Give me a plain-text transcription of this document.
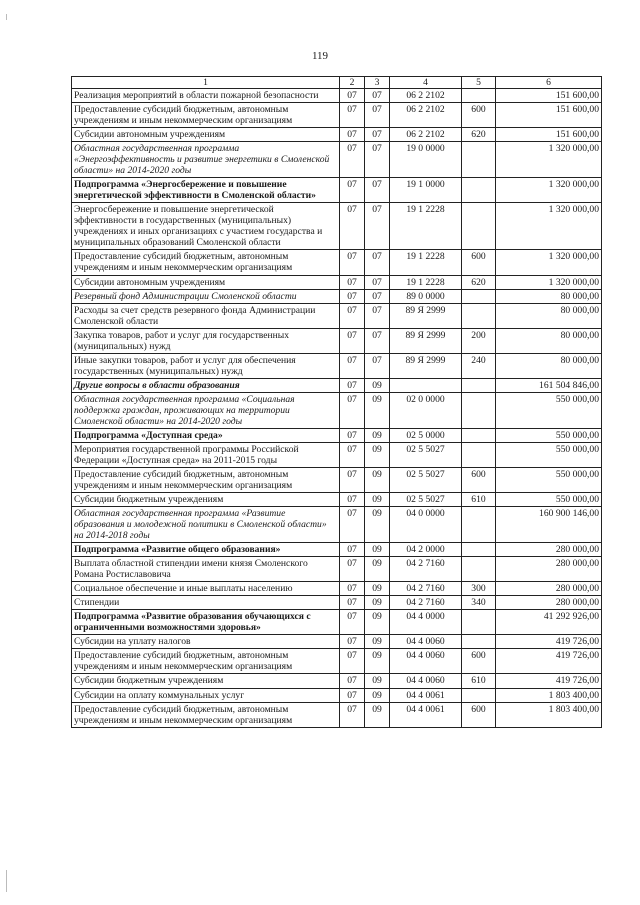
119
1	2	3	4	5	6
Реализация мероприятий в области пожарной безопасности	07	07	06 2 2102		151 600,00
Предоставление субсидий бюджетным, автономным учреждениям и иным некоммерческим организациям	07	07	06 2 2102	600	151 600,00
Субсидии автономным учреждениям	07	07	06 2 2102	620	151 600,00
Областная государственная программа «Энергоэффективность и развитие энергетики в Смоленской области» на 2014-2020 годы	07	07	19 0 0000		1 320 000,00
Подпрограмма «Энергосбережение и повышение энергетической эффективности в Смоленской области»	07	07	19 1 0000		1 320 000,00
Энергосбережение и повышение энергетической эффективности в государственных (муниципальных) учреждениях и иных организациях с участием государства и муниципальных образований Смоленской области	07	07	19 1 2228		1 320 000,00
Предоставление субсидий бюджетным, автономным учреждениям и иным некоммерческим организациям	07	07	19 1 2228	600	1 320 000,00
Субсидии автономным учреждениям	07	07	19 1 2228	620	1 320 000,00
Резервный фонд Администрации Смоленской области	07	07	89 0 0000		80 000,00
Расходы за счет средств резервного фонда Администрации Смоленской области	07	07	89 Я 2999		80 000,00
Закупка товаров, работ и услуг для государственных (муниципальных) нужд	07	07	89 Я 2999	200	80 000,00
Иные закупки товаров, работ и услуг для обеспечения государственных (муниципальных) нужд	07	07	89 Я 2999	240	80 000,00
Другие вопросы в области образования	07	09			161 504 846,00
Областная государственная программа «Социальная поддержка граждан, проживающих на территории Смоленской области» на 2014-2020 годы	07	09	02 0 0000		550 000,00
Подпрограмма «Доступная среда»	07	09	02 5 0000		550 000,00
Мероприятия государственной программы Российской Федерации «Доступная среда» на 2011-2015 годы	07	09	02 5 5027		550 000,00
Предоставление субсидий бюджетным, автономным учреждениям и иным некоммерческим организациям	07	09	02 5 5027	600	550 000,00
Субсидии бюджетным учреждениям	07	09	02 5 5027	610	550 000,00
Областная государственная программа «Развитие образования и молодежной политики в Смоленской области» на 2014-2018 годы	07	09	04 0 0000		160 900 146,00
Подпрограмма «Развитие общего образования»	07	09	04 2 0000		280 000,00
Выплата областной стипендии имени князя Смоленского Романа Ростиславовича	07	09	04 2 7160		280 000,00
Социальное обеспечение и иные выплаты населению	07	09	04 2 7160	300	280 000,00
Стипендии	07	09	04 2 7160	340	280 000,00
Подпрограмма «Развитие образования обучающихся с ограниченными возможностями здоровья»	07	09	04 4 0000		41 292 926,00
Субсидии на уплату налогов	07	09	04 4 0060		419 726,00
Предоставление субсидий бюджетным, автономным учреждениям и иным некоммерческим организациям	07	09	04 4 0060	600	419 726,00
Субсидии бюджетным учреждениям	07	09	04 4 0060	610	419 726,00
Субсидии на оплату коммунальных услуг	07	09	04 4 0061		1 803 400,00
Предоставление субсидий бюджетным, автономным учреждениям и иным некоммерческим организациям	07	09	04 4 0061	600	1 803 400,00
